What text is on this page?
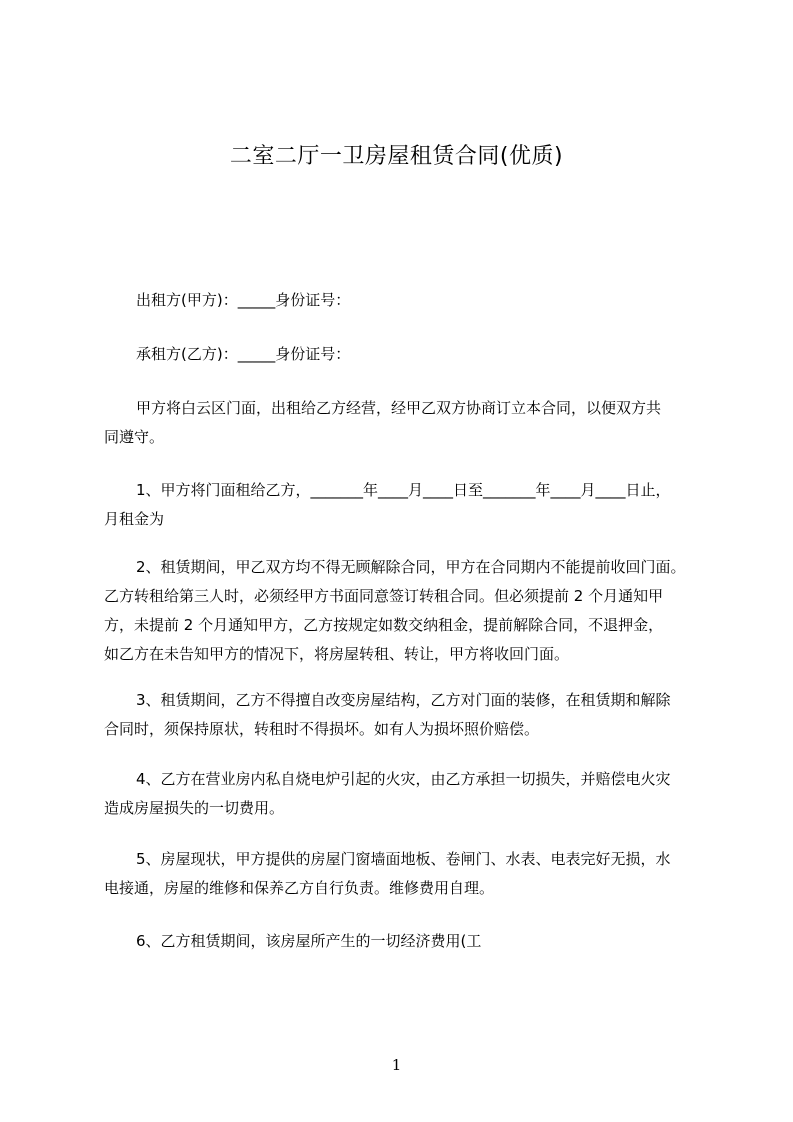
二室二厅一卫房屋租赁合同(优质)
出租方(甲方)：_____身份证号：
承租方(乙方)：_____身份证号：
甲方将白云区门面，出租给乙方经营，经甲乙双方协商订立本合同，以便双方共
同遵守。
1、甲方将门面租给乙方，_______年____月____日至_______年____月____日止，
月租金为
2、租赁期间，甲乙双方均不得无顾解除合同，甲方在合同期内不能提前收回门面。
乙方转租给第三人时，必须经甲方书面同意签订转租合同。但必须提前 2 个月通知甲
方，未提前 2 个月通知甲方，乙方按规定如数交纳租金，提前解除合同，不退押金，
如乙方在未告知甲方的情况下，将房屋转租、转让，甲方将收回门面。
3、租赁期间，乙方不得擅自改变房屋结构，乙方对门面的装修，在租赁期和解除
合同时，须保持原状，转租时不得损坏。如有人为损坏照价赔偿。
4、乙方在营业房内私自烧电炉引起的火灾，由乙方承担一切损失，并赔偿电火灾
造成房屋损失的一切费用。
5、房屋现状，甲方提供的房屋门窗墙面地板、卷闸门、水表、电表完好无损，水
电接通，房屋的维修和保养乙方自行负责。维修费用自理。
6、乙方租赁期间，该房屋所产生的一切经济费用(工
1
